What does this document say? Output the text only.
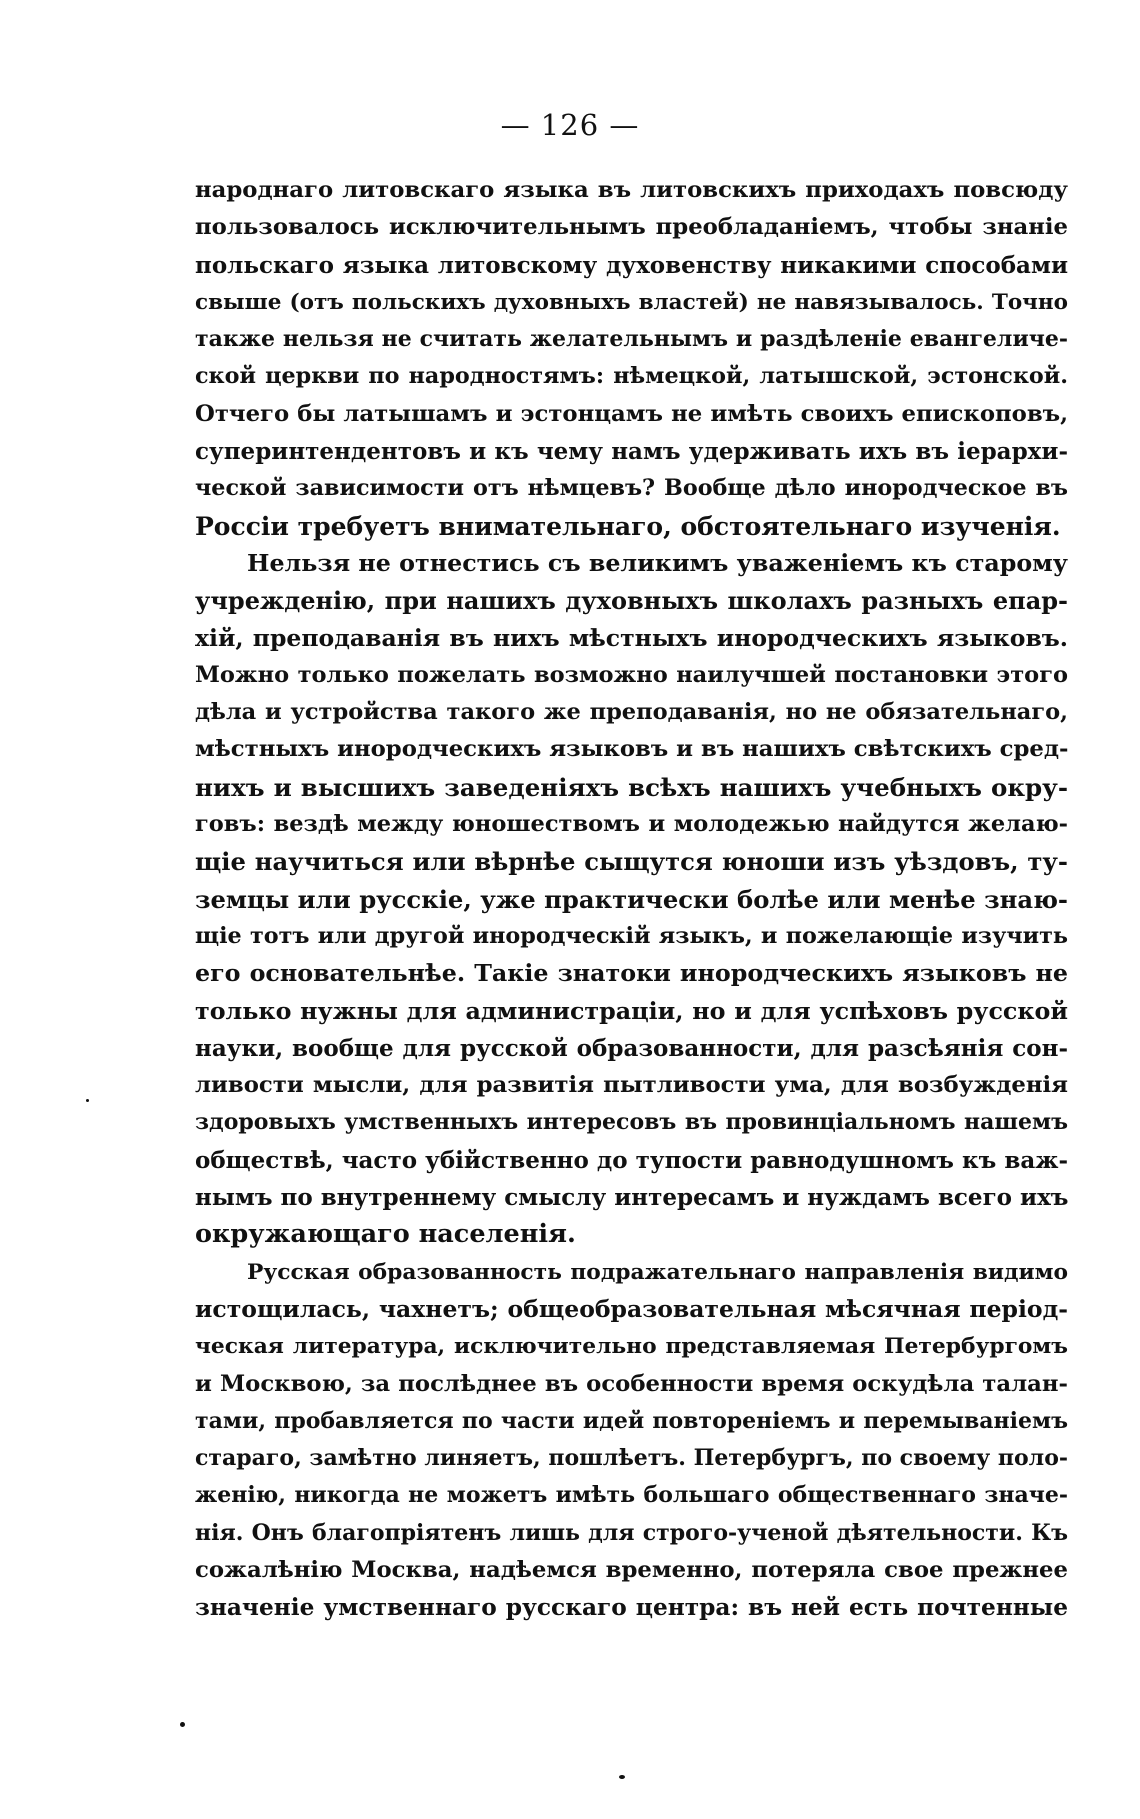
— 126 —
народнаго литовскаго языка въ литовскихъ приходахъ повсюду
пользовалось исключительнымъ преобладаніемъ, чтобы знаніе
польскаго языка литовскому духовенству никакими способами
свыше (отъ польскихъ духовныхъ властей) не навязывалось. Точно
также нельзя не считать желательнымъ и раздѣленіе евангеличе-
ской церкви по народностямъ: нѣмецкой, латышской, эстонской.
Отчего бы латышамъ и эстонцамъ не имѣть своихъ епископовъ,
суперинтендентовъ и къ чему намъ удерживать ихъ въ іерархи-
ческой зависимости отъ нѣмцевъ? Вообще дѣло инородческое въ
Россіи требуетъ внимательнаго, обстоятельнаго изученія.
Нельзя не отнестись съ великимъ уваженіемъ къ старому
учрежденію, при нашихъ духовныхъ школахъ разныхъ епар-
хій, преподаванія въ нихъ мѣстныхъ инородческихъ языковъ.
Можно только пожелать возможно наилучшей постановки этого
дѣла и устройства такого же преподаванія, но не обязательнаго,
мѣстныхъ инородческихъ языковъ и въ нашихъ свѣтскихъ сред-
нихъ и высшихъ заведеніяхъ всѣхъ нашихъ учебныхъ окру-
говъ: вездѣ между юношествомъ и молодежью найдутся желаю-
щіе научиться или вѣрнѣе сыщутся юноши изъ уѣздовъ, ту-
земцы или русскіе, уже практически болѣе или менѣе знаю-
щіе тотъ или другой инородческій языкъ, и пожелающіе изучить
его основательнѣе. Такіе знатоки инородческихъ языковъ не
только нужны для администраціи, но и для успѣховъ русской
науки, вообще для русской образованности, для разсѣянія сон-
ливости мысли, для развитія пытливости ума, для возбужденія
здоровыхъ умственныхъ интересовъ въ провинціальномъ нашемъ
обществѣ, часто убійственно до тупости равнодушномъ къ важ-
нымъ по внутреннему смыслу интересамъ и нуждамъ всего ихъ
окружающаго населенія.
Русская образованность подражательнаго направленія видимо
истощилась, чахнетъ; общеобразовательная мѣсячная період-
ческая литература, исключительно представляемая Петербургомъ
и Москвою, за послѣднее въ особенности время оскудѣла талан-
тами, пробавляется по части идей повтореніемъ и перемываніемъ
стараго, замѣтно линяетъ, пошлѣетъ. Петербургъ, по своему поло-
женію, никогда не можетъ имѣть большаго общественнаго значе-
нія. Онъ благопріятенъ лишь для строго-ученой дѣятельности. Къ
сожалѣнію Москва, надѣемся временно, потеряла свое прежнее
значеніе умственнаго русскаго центра: въ ней есть почтенные
